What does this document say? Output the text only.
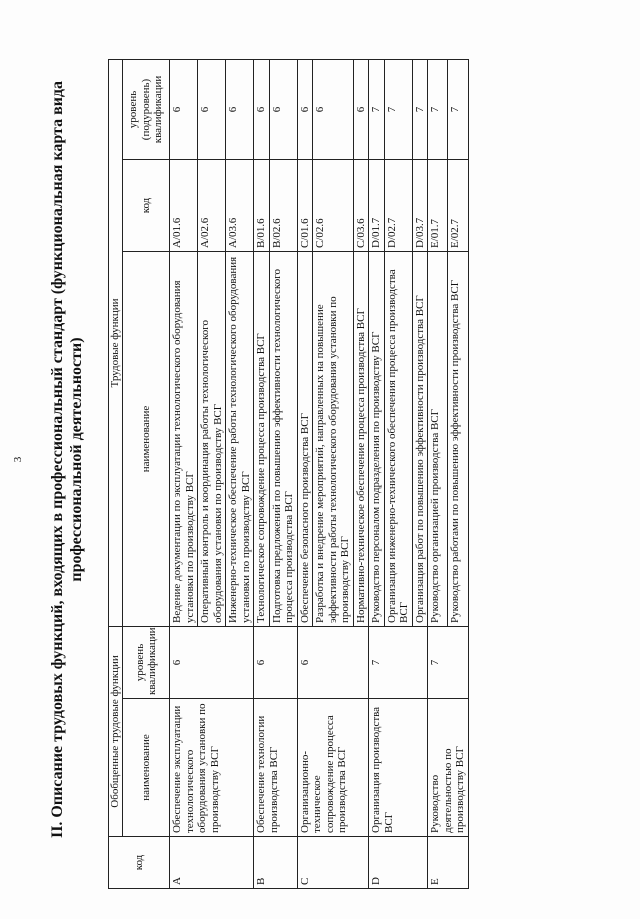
3 II. Описание трудовых функций, входящих в профессиональный стандарт (функциональная карта вида профессиональной деятельности)
код	Обобщенные трудовые функции		Трудовые функции		
	наименование	уровень квалификации	наименование	код	уровень (подуровень) квалификации
A	Обеспечение эксплуатации технологического оборудования установки по производству ВСГ	6	Ведение документации по эксплуатации технологического оборудования установки по производству ВСГ	A/01.6	6
			Оперативный контроль и координация работы технологического оборудования установки по производству ВСГ	A/02.6	6
			Инженерно-техническое обеспечение работы технологического оборудования установки по производству ВСГ	A/03.6	6
B	Обеспечение технологии производства ВСГ	6	Технологическое сопровождение процесса производства ВСГ	B/01.6	6
			Подготовка предложений по повышению эффективности технологического процесса производства ВСГ	B/02.6	6
C	Организационно-техническое сопровождение процесса производства ВСГ	6	Обеспечение безопасного производства ВСГ	C/01.6	6
			Разработка и внедрение мероприятий, направленных на повышение эффективности работы технологического оборудования установки по производству ВСГ	C/02.6	6
			Нормативно-техническое обеспечение процесса производства ВСГ	C/03.6	6
D	Организация производства ВСГ	7	Руководство персоналом подразделения по производству ВСГ	D/01.7	7
			Организация инженерно-технического обеспечения процесса производства ВСГ	D/02.7	7
			Организация работ по повышению эффективности производства ВСГ	D/03.7	7
E	Руководство деятельностью по производству ВСГ	7	Руководство организацией производства ВСГ	E/01.7	7
			Руководство работами по повышению эффективности производства ВСГ	E/02.7	7
